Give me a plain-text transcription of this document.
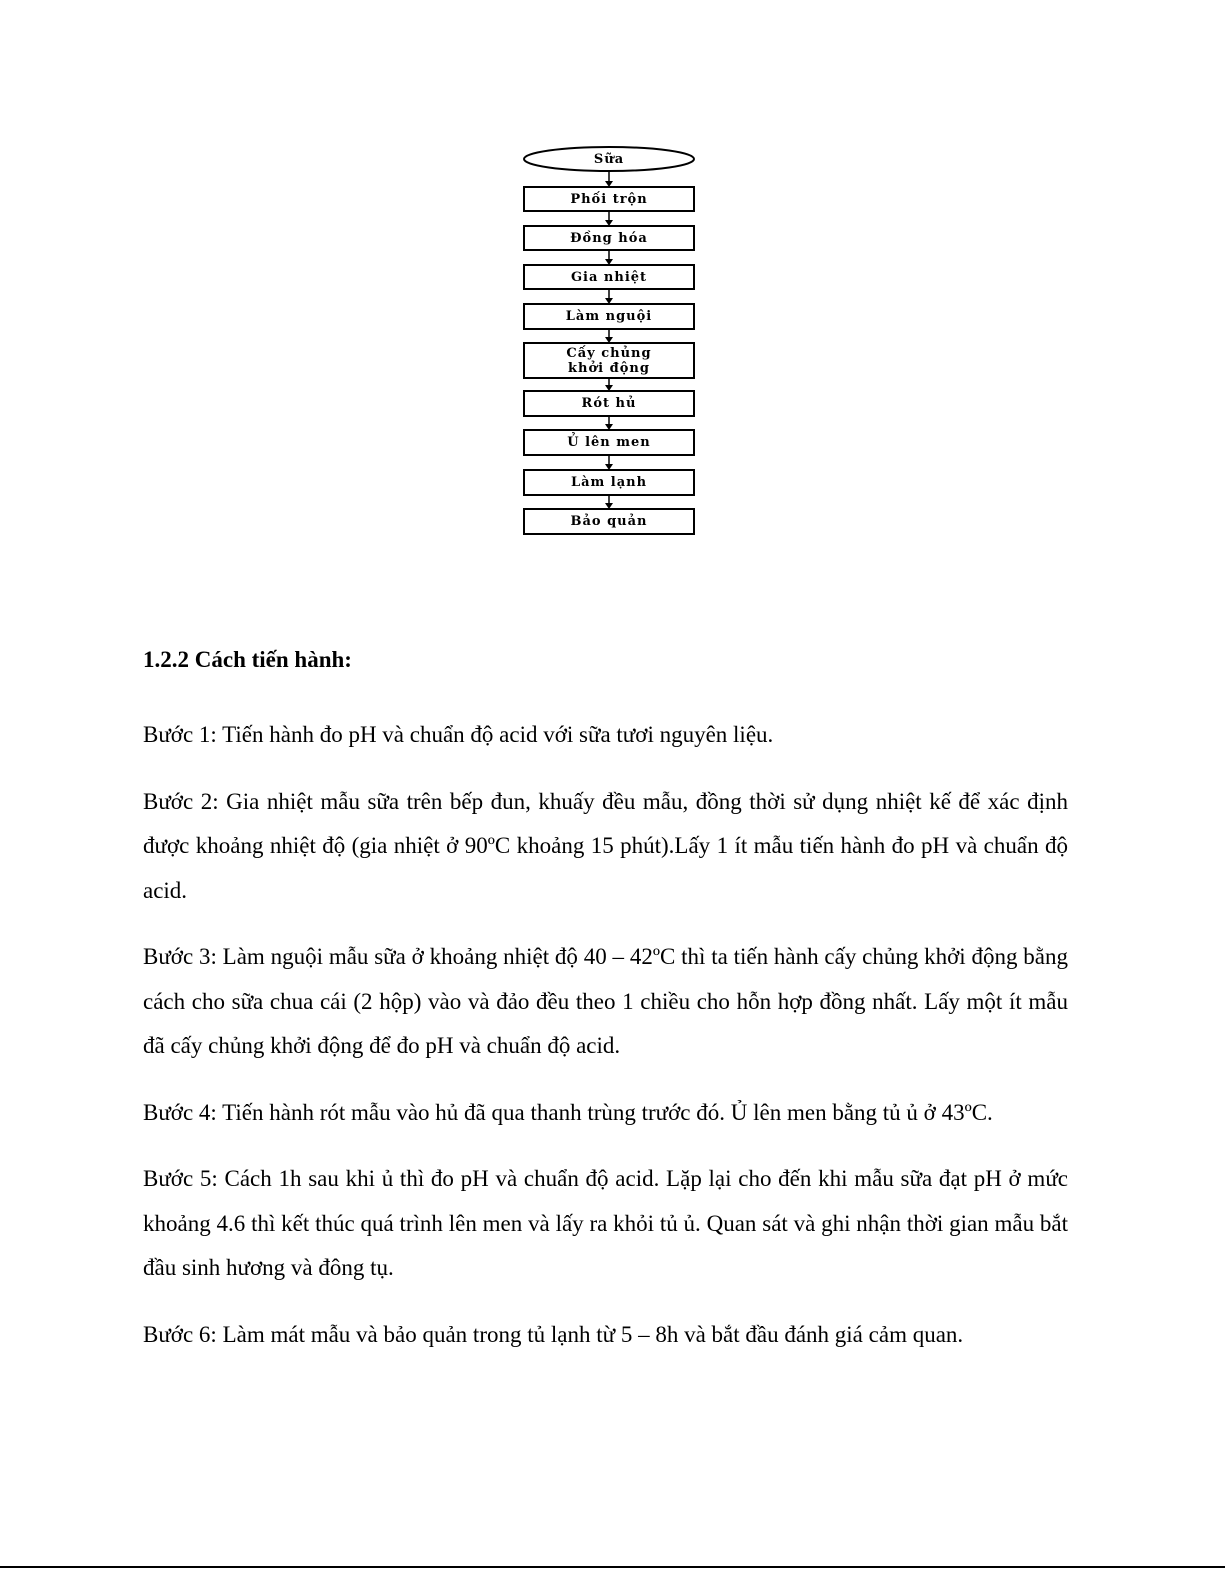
Sữa
Phối trộn
Đồng hóa
Gia nhiệt
Làm nguội
Cấy chủng
khởi động
Rót hủ
Ủ lên men
Làm lạnh
Bảo quản
1.2.2 Cách tiến hành:

Bước 1: Tiến hành đo pH và chuẩn độ acid với sữa tươi nguyên liệu.

Bước 2: Gia nhiệt mẫu sữa trên bếp đun, khuấy đều mẫu, đồng thời sử dụng nhiệt kế để xác định được khoảng nhiệt độ (gia nhiệt ở 90ºC khoảng 15 phút).Lấy 1 ít mẫu tiến hành đo pH và chuẩn độ acid.

Bước 3: Làm nguội mẫu sữa ở khoảng nhiệt độ 40 – 42ºC thì ta tiến hành cấy chủng khởi động bằng cách cho sữa chua cái (2 hộp) vào và đảo đều theo 1 chiều cho hỗn hợp đồng nhất. Lấy một ít mẫu đã cấy chủng khởi động để đo pH và chuẩn độ acid.

Bước 4: Tiến hành rót mẫu vào hủ đã qua thanh trùng trước đó. Ủ lên men bằng tủ ủ ở 43ºC.

Bước 5: Cách 1h sau khi ủ thì đo pH và chuẩn độ acid. Lặp lại cho đến khi mẫu sữa đạt pH ở mức khoảng 4.6 thì kết thúc quá trình lên men và lấy ra khỏi tủ ủ. Quan sát và ghi nhận thời gian mẫu bắt đầu sinh hương và đông tụ.

Bước 6: Làm mát mẫu và bảo quản trong tủ lạnh từ 5 – 8h và bắt đầu đánh giá cảm quan.
